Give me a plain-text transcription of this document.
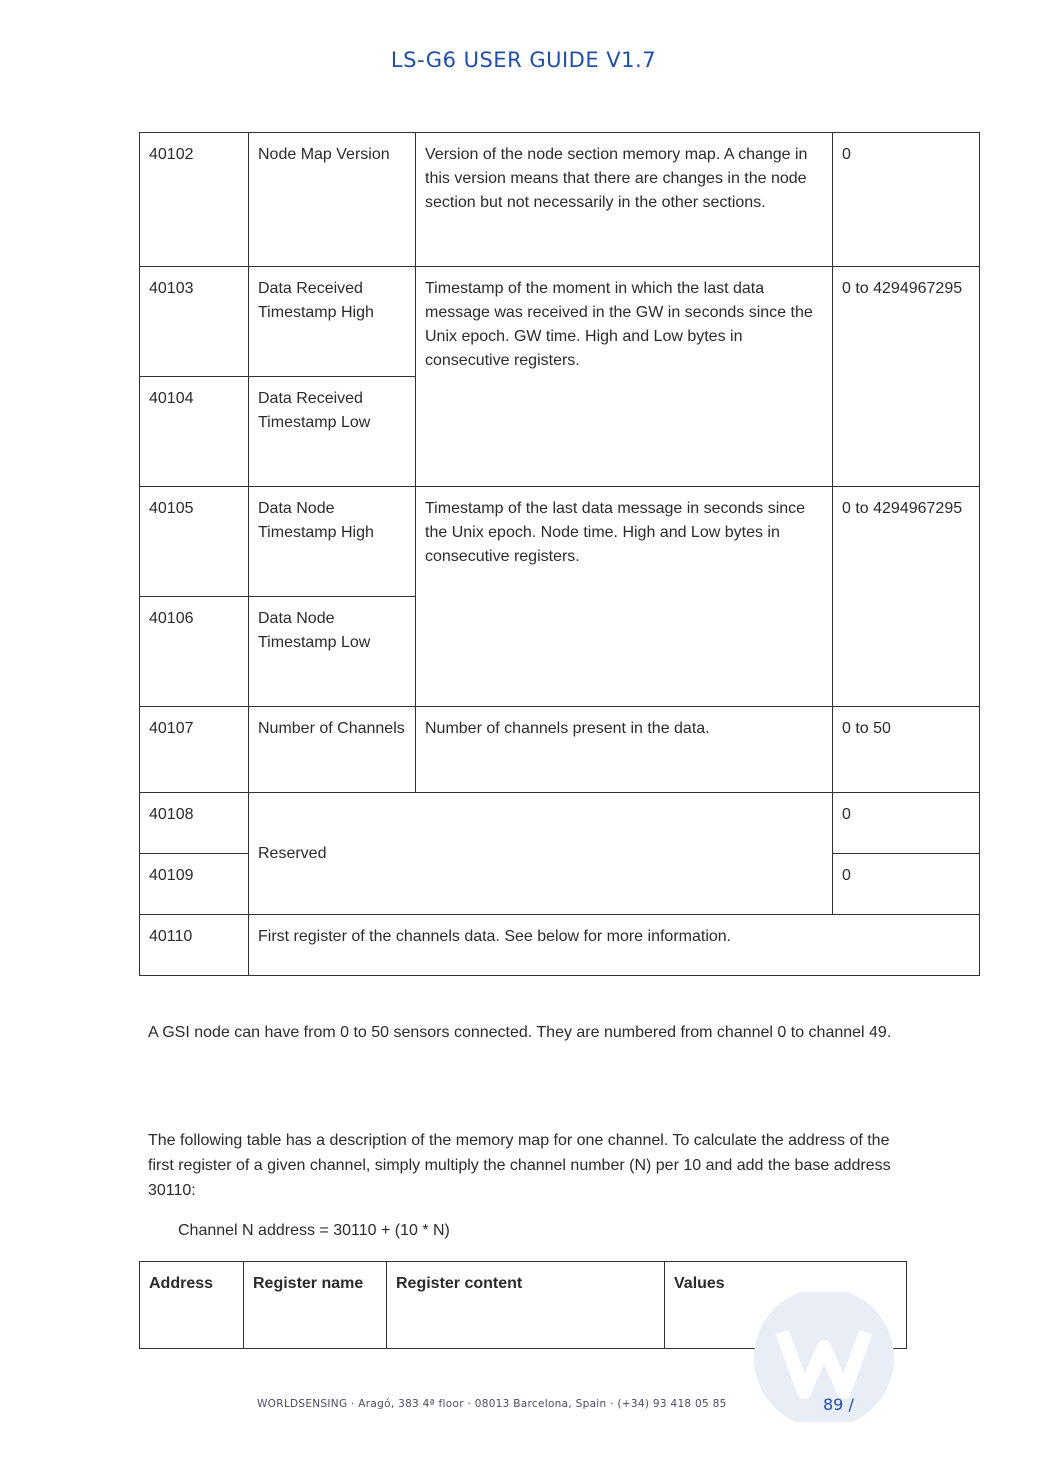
LS-G6 USER GUIDE V1.7
40102	Node Map Version	Version of the node section memory map. A change in this version means that there are changes in the node section but not necessarily in the other sections.	0
40103	Data Received Timestamp High	Timestamp of the moment in which the last data message was received in the GW in seconds since the Unix epoch. GW time. High and Low bytes in consecutive registers.	0 to 4294967295
40104	Data Received Timestamp Low		
40105	Data Node Timestamp High	Timestamp of the last data message in seconds since the Unix epoch. Node time. High and Low bytes in consecutive registers.	0 to 4294967295
40106	Data Node Timestamp Low		
40107	Number of Channels	Number of channels present in the data.	0 to 50
40108	Reserved		0
40109			0
40110	First register of the channels data. See below for more information.		
A GSI node can have from 0 to 50 sensors connected. They are numbered from channel 0 to channel 49.
The following table has a description of the memory map for one channel. To calculate the address of the first register of a given channel, simply multiply the channel number (N) per 10 and add the base address 30110:
Channel N address = 30110 + (10 * N)
Address	Register name	Register content	Values
WORLDSENSING · Aragó, 383 4ª floor · 08013 Barcelona, Spain · (+34) 93 418 05 85	89 /
